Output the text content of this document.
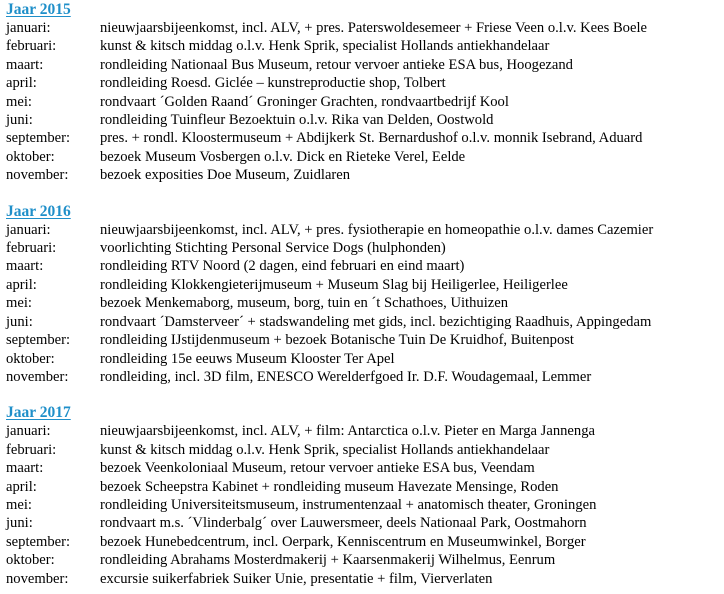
Jaar 2015
januari:	nieuwjaarsbijeenkomst, incl. ALV, + pres. Paterswoldesemeer + Friese Veen o.l.v. Kees Boele
februari:	kunst & kitsch middag o.l.v. Henk Sprik, specialist Hollands antiekhandelaar
maart:	rondleiding Nationaal Bus Museum, retour vervoer antieke ESA bus, Hoogezand
april:	rondleiding Roesd. Giclée – kunstreproductie shop, Tolbert
mei:	rondvaart ´Golden Raand´ Groninger Grachten, rondvaartbedrijf Kool
juni:	rondleiding Tuinfleur Bezoektuin o.l.v. Rika van Delden, Oostwold
september:	pres. + rondl. Kloostermuseum + Abdijkerk St. Bernardushof o.l.v. monnik Isebrand, Aduard
oktober:	bezoek Museum Vosbergen o.l.v. Dick en Rieteke Verel, Eelde
november:	bezoek exposities Doe Museum, Zuidlaren
Jaar 2016
januari:	nieuwjaarsbijeenkomst, incl. ALV, + pres. fysiotherapie en homeopathie o.l.v. dames Cazemier
februari:	voorlichting Stichting Personal Service Dogs (hulphonden)
maart:	rondleiding RTV Noord (2 dagen, eind februari en eind maart)
april:	rondleiding Klokkengieterijmuseum + Museum Slag bij Heiligerlee, Heiligerlee
mei:	bezoek Menkemaborg, museum, borg, tuin en ´t Schathoes, Uithuizen
juni:	rondvaart ´Damsterveer´ + stadswandeling met gids, incl. bezichtiging Raadhuis, Appingedam
september:	rondleiding IJstijdenmuseum + bezoek Botanische Tuin De Kruidhof, Buitenpost
oktober:	rondleiding 15e eeuws Museum Klooster Ter Apel
november:	rondleiding, incl. 3D film, ENESCO Werelderfgoed Ir. D.F. Woudagemaal, Lemmer
Jaar 2017
januari:	nieuwjaarsbijeenkomst, incl. ALV, + film: Antarctica o.l.v. Pieter en Marga Jannenga
februari:	kunst & kitsch middag o.l.v. Henk Sprik, specialist Hollands antiekhandelaar
maart:	bezoek Veenkoloniaal Museum, retour vervoer antieke ESA bus, Veendam
april:	bezoek Scheepstra Kabinet + rondleiding museum Havezate Mensinge, Roden
mei:	rondleiding Universiteitsmuseum, instrumentenzaal + anatomisch theater, Groningen
juni:	rondvaart m.s. ´Vlinderbalg´ over Lauwersmeer, deels Nationaal Park, Oostmahorn
september:	bezoek Hunebedcentrum, incl. Oerpark, Kenniscentrum en Museumwinkel, Borger
oktober:	rondleiding Abrahams Mosterdmakerij + Kaarsenmakerij Wilhelmus, Eenrum
november:	excursie suikerfabriek Suiker Unie, presentatie + film, Vierverlaten
